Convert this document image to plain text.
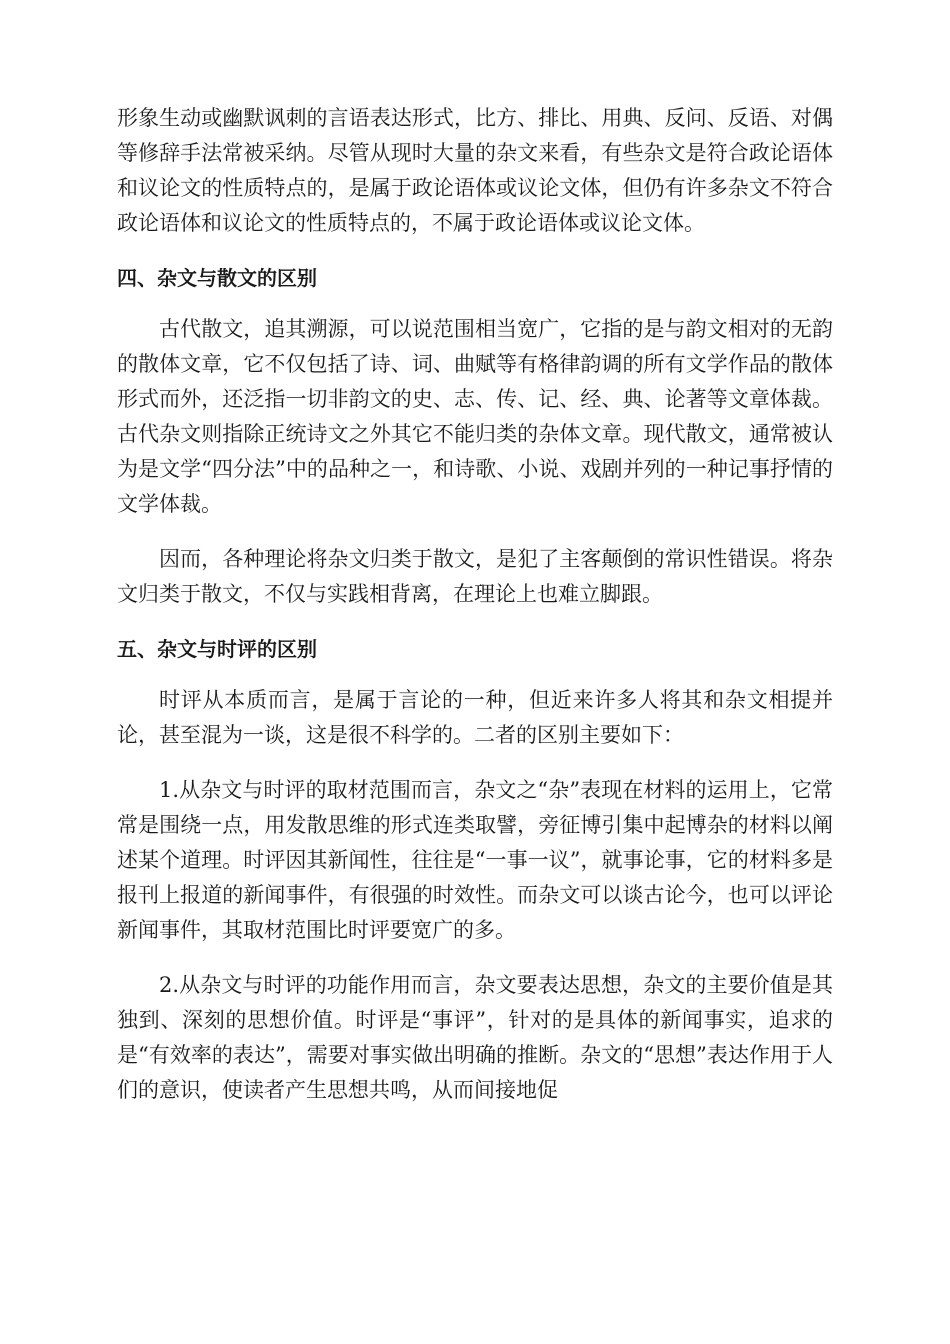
形象生动或幽默讽刺的言语表达形式，比方、排比、用典、反问、反语、对偶等修辞手法常被采纳。尽管从现时大量的杂文来看，有些杂文是符合政论语体和议论文的性质特点的，是属于政论语体或议论文体，但仍有许多杂文不符合政论语体和议论文的性质特点的，不属于政论语体或议论文体。

四、杂文与散文的区别

古代散文，追其溯源，可以说范围相当宽广，它指的是与韵文相对的无韵的散体文章，它不仅包括了诗、词、曲赋等有格律韵调的所有文学作品的散体形式而外，还泛指一切非韵文的史、志、传、记、经、典、论著等文章体裁。古代杂文则指除正统诗文之外其它不能归类的杂体文章。现代散文，通常被认为是文学“四分法”中的品种之一，和诗歌、小说、戏剧并列的一种记事抒情的文学体裁。

因而，各种理论将杂文归类于散文，是犯了主客颠倒的常识性错误。将杂文归类于散文，不仅与实践相背离，在理论上也难立脚跟。

五、杂文与时评的区别

时评从本质而言，是属于言论的一种，但近来许多人将其和杂文相提并论，甚至混为一谈，这是很不科学的。二者的区别主要如下：

1.从杂文与时评的取材范围而言，杂文之“杂”表现在材料的运用上，它常常是围绕一点，用发散思维的形式连类取譬，旁征博引集中起博杂的材料以阐述某个道理。时评因其新闻性，往往是“一事一议”，就事论事，它的材料多是报刊上报道的新闻事件，有很强的时效性。而杂文可以谈古论今，也可以评论新闻事件，其取材范围比时评要宽广的多。

2.从杂文与时评的功能作用而言，杂文要表达思想，杂文的主要价值是其独到、深刻的思想价值。时评是“事评”，针对的是具体的新闻事实，追求的是“有效率的表达”，需要对事实做出明确的推断。杂文的“思想”表达作用于人们的意识，使读者产生思想共鸣，从而间接地促
